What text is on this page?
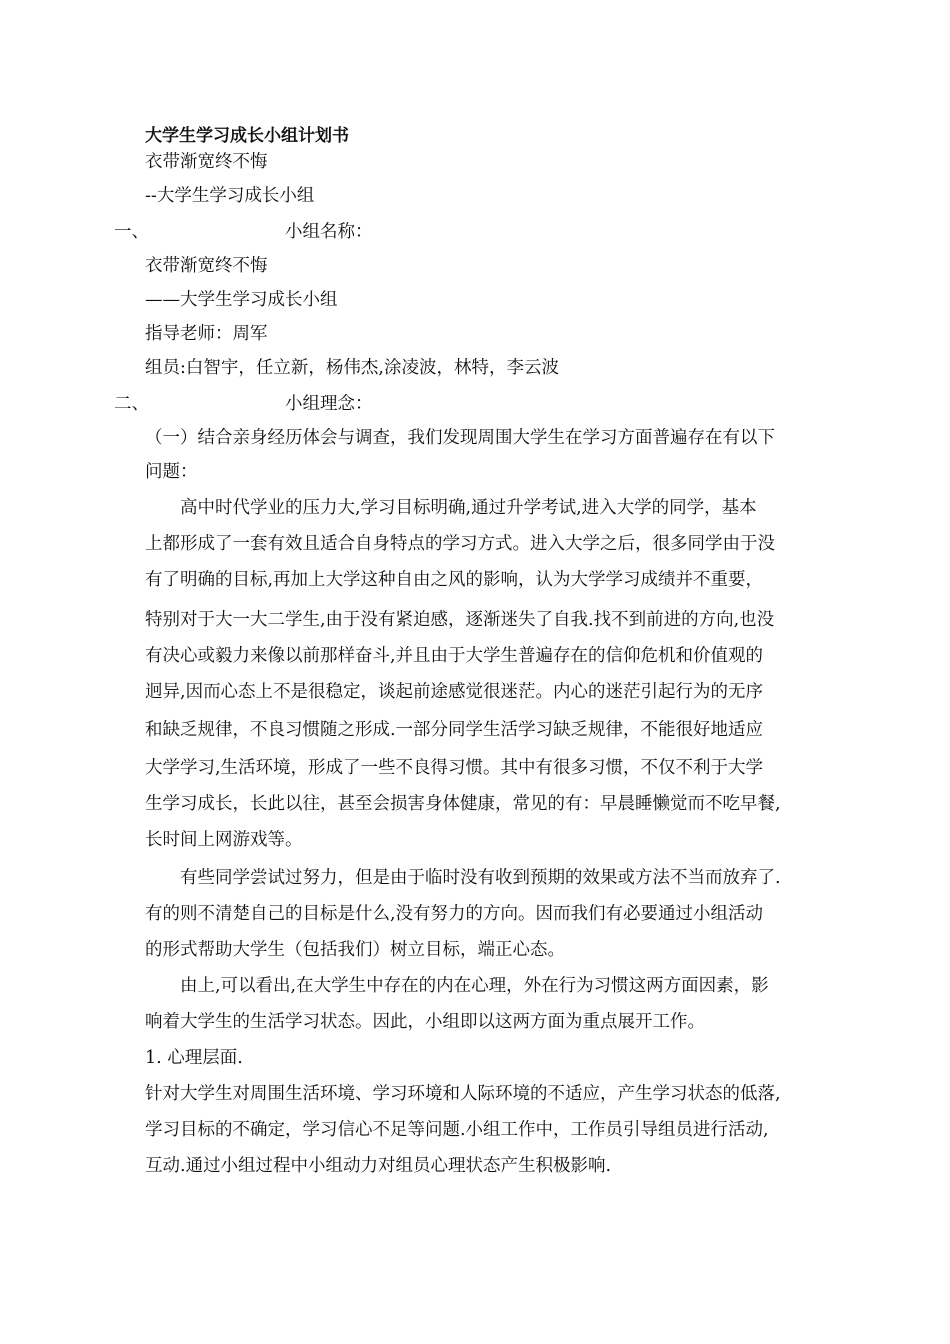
大学生学习成长小组计划书
衣带渐宽终不悔
--大学生学习成长小组
一、	小组名称：
衣带渐宽终不悔
——大学生学习成长小组
指导老师：周军
组员:白智宇，任立新，杨伟杰,涂凌波，林特，李云波
二、	小组理念：
（一）结合亲身经历体会与调查，我们发现周围大学生在学习方面普遍存在有以下
问题：
高中时代学业的压力大,学习目标明确,通过升学考试,进入大学的同学，基本
上都形成了一套有效且适合自身特点的学习方式。进入大学之后，很多同学由于没
有了明确的目标,再加上大学这种自由之风的影响，认为大学学习成绩并不重要，
特别对于大一大二学生,由于没有紧迫感，逐渐迷失了自我.找不到前进的方向,也没
有决心或毅力来像以前那样奋斗,并且由于大学生普遍存在的信仰危机和价值观的
迥异,因而心态上不是很稳定，谈起前途感觉很迷茫。内心的迷茫引起行为的无序
和缺乏规律，不良习惯随之形成.一部分同学生活学习缺乏规律，不能很好地适应
大学学习,生活环境，形成了一些不良得习惯。其中有很多习惯，不仅不利于大学
生学习成长，长此以往，甚至会损害身体健康，常见的有：早晨睡懒觉而不吃早餐,
长时间上网游戏等。
有些同学尝试过努力，但是由于临时没有收到预期的效果或方法不当而放弃了.
有的则不清楚自己的目标是什么,没有努力的方向。因而我们有必要通过小组活动
的形式帮助大学生（包括我们）树立目标，端正心态。
由上,可以看出,在大学生中存在的内在心理，外在行为习惯这两方面因素，影
响着大学生的生活学习状态。因此，小组即以这两方面为重点展开工作。
1. 心理层面.
针对大学生对周围生活环境、学习环境和人际环境的不适应，产生学习状态的低落,
学习目标的不确定，学习信心不足等问题.小组工作中，工作员引导组员进行活动,
互动.通过小组过程中小组动力对组员心理状态产生积极影响.
